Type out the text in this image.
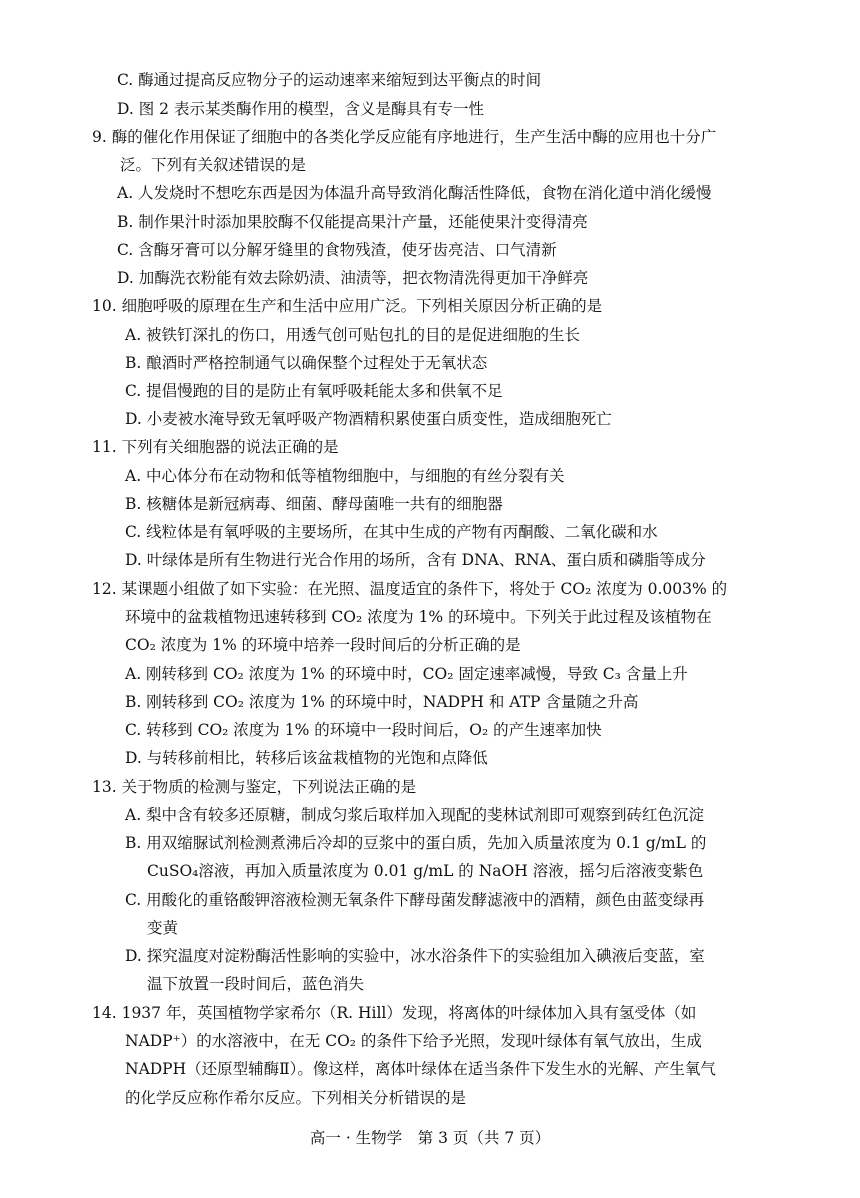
C. 酶通过提高反应物分子的运动速率来缩短到达平衡点的时间
D. 图 2 表示某类酶作用的模型，含义是酶具有专一性
9. 酶的催化作用保证了细胞中的各类化学反应能有序地进行，生产生活中酶的应用也十分广
泛。下列有关叙述错误的是
A. 人发烧时不想吃东西是因为体温升高导致消化酶活性降低，食物在消化道中消化缓慢
B. 制作果汁时添加果胶酶不仅能提高果汁产量，还能使果汁变得清亮
C. 含酶牙膏可以分解牙缝里的食物残渣，使牙齿亮洁、口气清新
D. 加酶洗衣粉能有效去除奶渍、油渍等，把衣物清洗得更加干净鲜亮
10. 细胞呼吸的原理在生产和生活中应用广泛。下列相关原因分析正确的是
A. 被铁钉深扎的伤口，用透气创可贴包扎的目的是促进细胞的生长
B. 酿酒时严格控制通气以确保整个过程处于无氧状态
C. 提倡慢跑的目的是防止有氧呼吸耗能太多和供氧不足
D. 小麦被水淹导致无氧呼吸产物酒精积累使蛋白质变性，造成细胞死亡
11. 下列有关细胞器的说法正确的是
A. 中心体分布在动物和低等植物细胞中，与细胞的有丝分裂有关
B. 核糖体是新冠病毒、细菌、酵母菌唯一共有的细胞器
C. 线粒体是有氧呼吸的主要场所，在其中生成的产物有丙酮酸、二氧化碳和水
D. 叶绿体是所有生物进行光合作用的场所，含有 DNA、RNA、蛋白质和磷脂等成分
12. 某课题小组做了如下实验：在光照、温度适宜的条件下，将处于 CO₂ 浓度为 0.003% 的
环境中的盆栽植物迅速转移到 CO₂ 浓度为 1% 的环境中。下列关于此过程及该植物在
CO₂ 浓度为 1% 的环境中培养一段时间后的分析正确的是
A. 刚转移到 CO₂ 浓度为 1% 的环境中时，CO₂ 固定速率减慢，导致 C₃ 含量上升
B. 刚转移到 CO₂ 浓度为 1% 的环境中时，NADPH 和 ATP 含量随之升高
C. 转移到 CO₂ 浓度为 1% 的环境中一段时间后，O₂ 的产生速率加快
D. 与转移前相比，转移后该盆栽植物的光饱和点降低
13. 关于物质的检测与鉴定，下列说法正确的是
A. 梨中含有较多还原糖，制成匀浆后取样加入现配的斐林试剂即可观察到砖红色沉淀
B. 用双缩脲试剂检测煮沸后冷却的豆浆中的蛋白质，先加入质量浓度为 0.1 g/mL 的
CuSO₄溶液，再加入质量浓度为 0.01 g/mL 的 NaOH 溶液，摇匀后溶液变紫色
C. 用酸化的重铬酸钾溶液检测无氧条件下酵母菌发酵滤液中的酒精，颜色由蓝变绿再
变黄
D. 探究温度对淀粉酶活性影响的实验中，冰水浴条件下的实验组加入碘液后变蓝，室
温下放置一段时间后，蓝色消失
14. 1937 年，英国植物学家希尔（R. Hill）发现，将离体的叶绿体加入具有氢受体（如
NADP⁺）的水溶液中，在无 CO₂ 的条件下给予光照，发现叶绿体有氧气放出，生成
NADPH（还原型辅酶Ⅱ）。像这样，离体叶绿体在适当条件下发生水的光解、产生氧气
的化学反应称作希尔反应。下列相关分析错误的是
高一 · 生物学　第 3 页（共 7 页）
